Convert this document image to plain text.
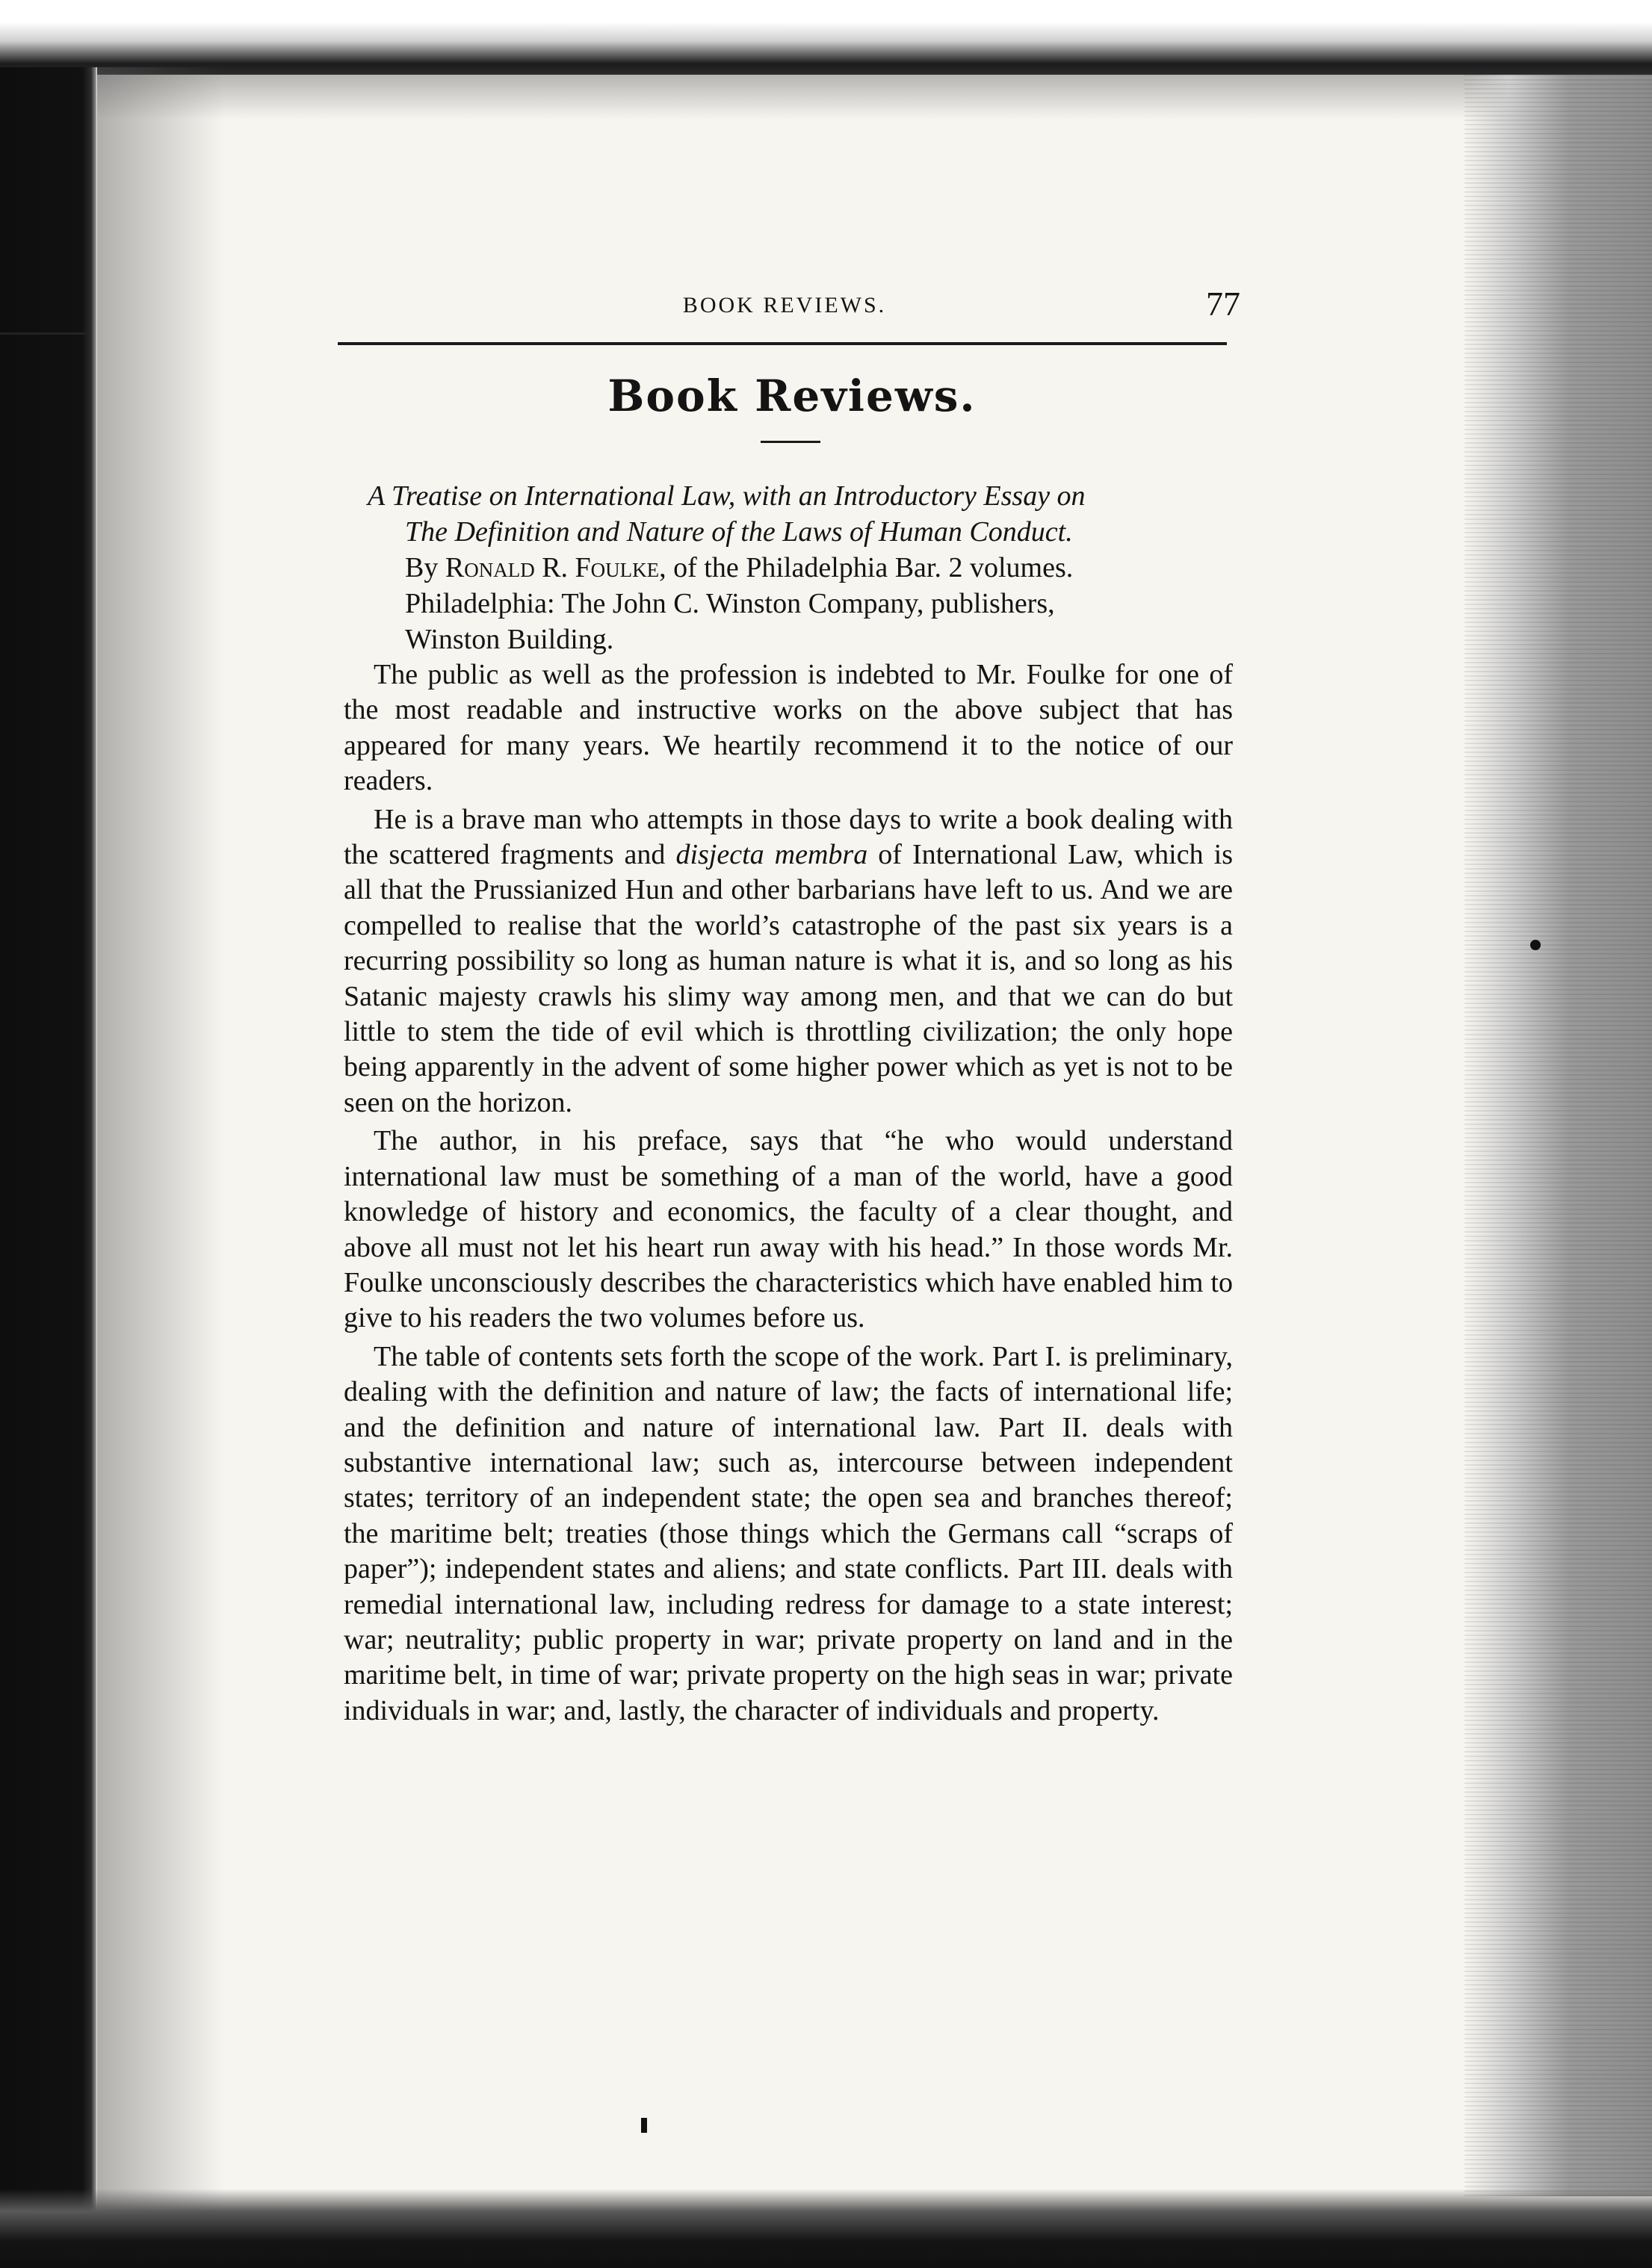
BOOK REVIEWS.	77
Book Reviews.
A Treatise on International Law, with an Introductory Essay on
The Definition and Nature of the Laws of Human Conduct.
By Ronald R. Foulke, of the Philadelphia Bar. 2 volumes.
Philadelphia: The John C. Winston Company, publishers,
Winston Building.

The public as well as the profession is indebted to Mr. Foulke for one of the most readable and instructive works on the above subject that has appeared for many years. We heartily recommend it to the notice of our readers.

He is a brave man who attempts in those days to write a book dealing with the scattered fragments and disjecta membra of International Law, which is all that the Prussianized Hun and other barbarians have left to us. And we are compelled to realise that the world’s catastrophe of the past six years is a recurring possibility so long as human nature is what it is, and so long as his Satanic majesty crawls his slimy way among men, and that we can do but little to stem the tide of evil which is throttling civilization; the only hope being apparently in the advent of some higher power which as yet is not to be seen on the horizon.

The author, in his preface, says that “he who would understand international law must be something of a man of the world, have a good knowledge of history and economics, the faculty of a clear thought, and above all must not let his heart run away with his head.” In those words Mr. Foulke unconsciously describes the characteristics which have enabled him to give to his readers the two volumes before us.

The table of contents sets forth the scope of the work. Part I. is preliminary, dealing with the definition and nature of law; the facts of international life; and the definition and nature of international law. Part II. deals with substantive international law; such as, intercourse between independent states; territory of an independent state; the open sea and branches thereof; the maritime belt; treaties (those things which the Germans call “scraps of paper”); independent states and aliens; and state conflicts. Part III. deals with remedial international law, including redress for damage to a state interest; war; neutrality; public property in war; private property on land and in the maritime belt, in time of war; private property on the high seas in war; private individuals in war; and, lastly, the character of individuals and property.
